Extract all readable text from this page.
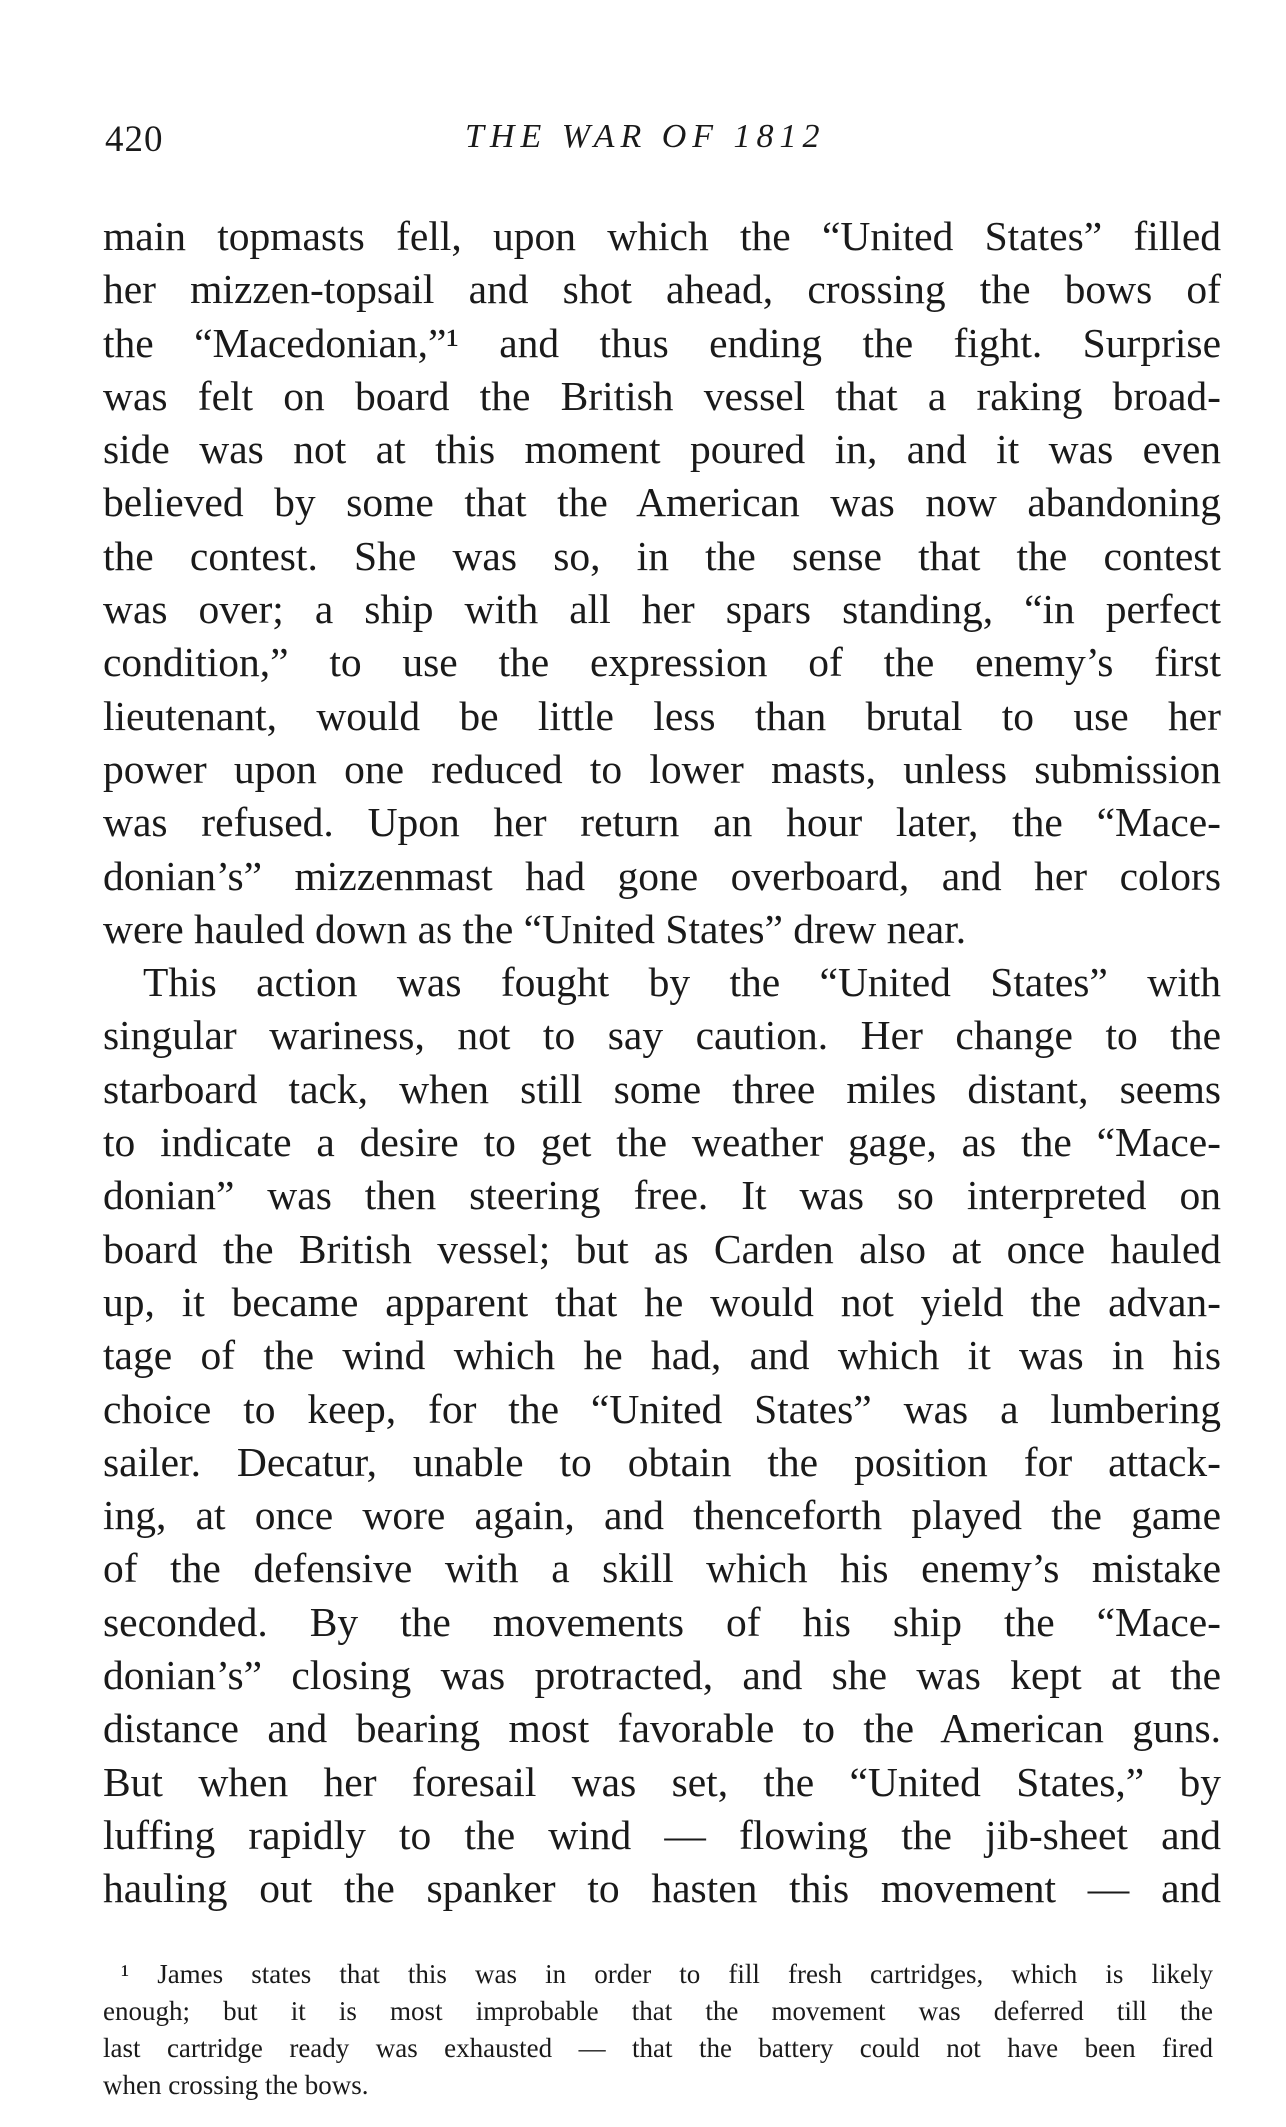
420	THE WAR OF 1812
main topmasts fell, upon which the “United States” filled
her mizzen-topsail and shot ahead, crossing the bows of
the “Macedonian,”¹ and thus ending the fight. Surprise
was felt on board the British vessel that a raking broad-
side was not at this moment poured in, and it was even
believed by some that the American was now abandoning
the contest. She was so, in the sense that the contest
was over; a ship with all her spars standing, “in perfect
condition,” to use the expression of the enemy’s first
lieutenant, would be little less than brutal to use her
power upon one reduced to lower masts, unless submission
was refused. Upon her return an hour later, the “Mace-
donian’s” mizzenmast had gone overboard, and her colors
were hauled down as the “United States” drew near.
This action was fought by the “United States” with
singular wariness, not to say caution. Her change to the
starboard tack, when still some three miles distant, seems
to indicate a desire to get the weather gage, as the “Mace-
donian” was then steering free. It was so interpreted on
board the British vessel; but as Carden also at once hauled
up, it became apparent that he would not yield the advan-
tage of the wind which he had, and which it was in his
choice to keep, for the “United States” was a lumbering
sailer. Decatur, unable to obtain the position for attack-
ing, at once wore again, and thenceforth played the game
of the defensive with a skill which his enemy’s mistake
seconded. By the movements of his ship the “Mace-
donian’s” closing was protracted, and she was kept at the
distance and bearing most favorable to the American guns.
But when her foresail was set, the “United States,” by
luffing rapidly to the wind — flowing the jib-sheet and
hauling out the spanker to hasten this movement — and
¹ James states that this was in order to fill fresh cartridges, which is likely
enough; but it is most improbable that the movement was deferred till the
last cartridge ready was exhausted — that the battery could not have been fired
when crossing the bows.
